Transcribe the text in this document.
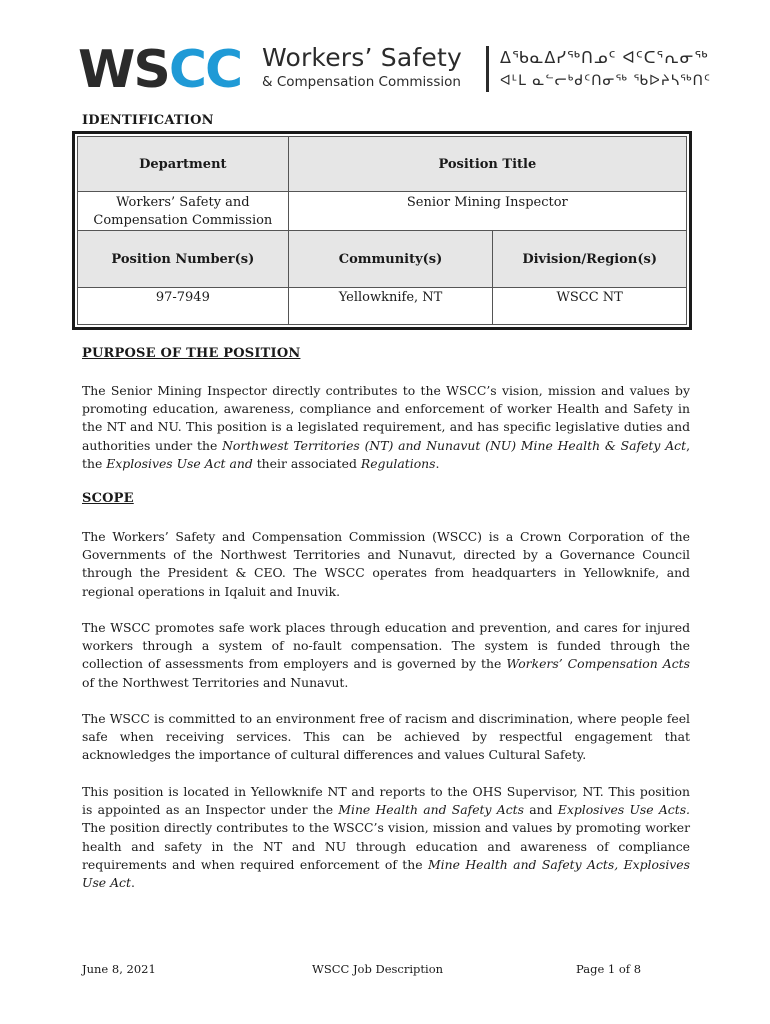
WS CC Workers’ Safety
& Compensation Commission
ᐃᖃᓇᐃᓯᖅᑎᓄᑦ ᐊᑦᑕᕐᕆᓂᖅ
ᐊᒻᒪ ᓇᓪᓕᒃᑯᑦᑎᓂᖅ ᖃᐅᔨᓴᖅᑎᑦ
IDENTIFICATION
Department	Position Title	
Workers’ Safety and Compensation Commission	Senior Mining Inspector	
Position Number(s)	Community(s)	Division/Region(s)
97-7949	Yellowknife, NT	WSCC NT
PURPOSE OF THE POSITION

The Senior Mining Inspector directly contributes to the WSCC’s vision, mission and values by promoting education, awareness, compliance and enforcement of worker Health and Safety in the NT and NU. This position is a legislated requirement, and has specific legislative duties and authorities under the Northwest Territories (NT) and Nunavut (NU) Mine Health & Safety Act, the Explosives Use Act and their associated Regulations.

SCOPE

The Workers’ Safety and Compensation Commission (WSCC) is a Crown Corporation of the Governments of the Northwest Territories and Nunavut, directed by a Governance Council through the President & CEO. The WSCC operates from headquarters in Yellowknife, and regional operations in Iqaluit and Inuvik.

The WSCC promotes safe work places through education and prevention, and cares for injured workers through a system of no-fault compensation. The system is funded through the collection of assessments from employers and is governed by the Workers’ Compensation Acts of the Northwest Territories and Nunavut.

The WSCC is committed to an environment free of racism and discrimination, where people feel safe when receiving services. This can be achieved by respectful engagement that acknowledges the importance of cultural differences and values Cultural Safety.

This position is located in Yellowknife NT and reports to the OHS Supervisor, NT. This position is appointed as an Inspector under the Mine Health and Safety Acts and Explosives Use Acts. The position directly contributes to the WSCC’s vision, mission and values by promoting worker health and safety in the NT and NU through education and awareness of compliance requirements and when required enforcement of the Mine Health and Safety Acts, Explosives Use Act.

June 8, 2021	WSCC Job Description	Page 1 of 8
